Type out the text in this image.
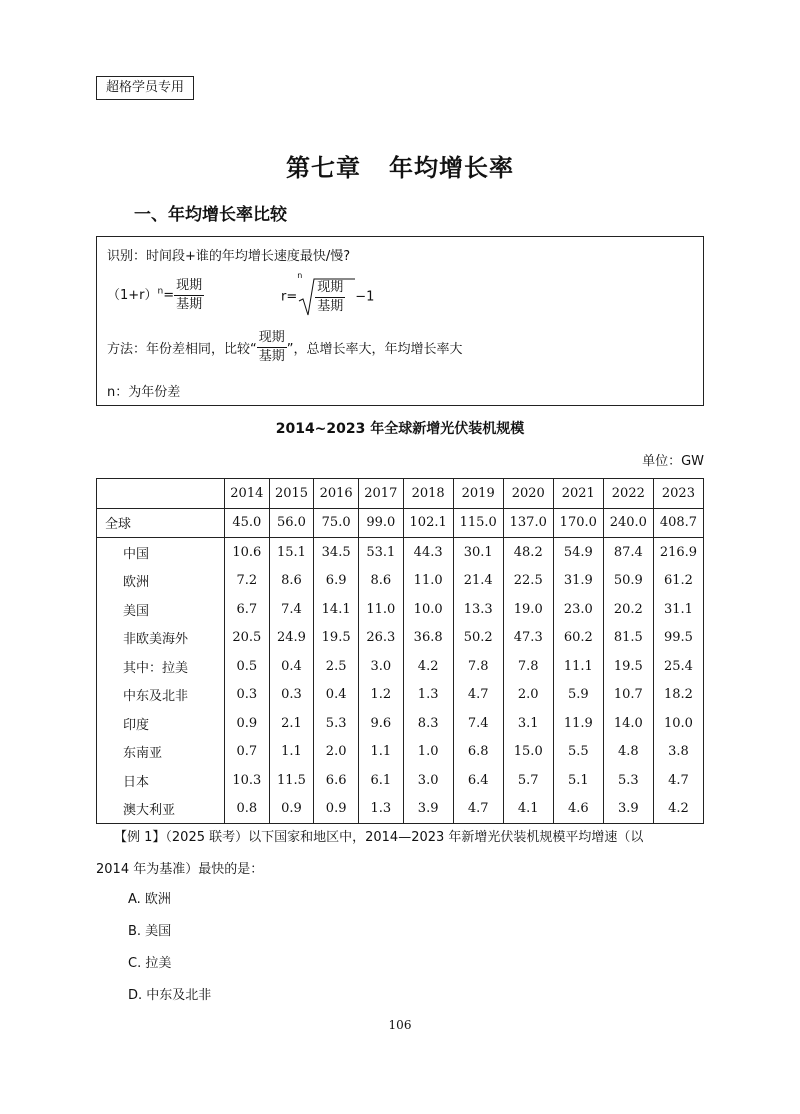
超格学员专用
第七章 年均增长率
一、年均增长率比较
识别：时间段+谁的年均增长速度最快/慢?
$(1+r)^n= \frac{\text{现期}}{\text{基期}}$	r=
n
现期
基期
−1
方法：年份差相同，比较“ $\frac{\text{现期}}{\text{基期}}$ ”，总增长率大，年均增长率大
n：为年份差
2014~2023 年全球新增光伏装机规模
单位：GW
	2014	2015	2016	2017	2018	2019	2020	2021	2022	2023
全球	45.0	56.0	75.0	99.0	102.1	115.0	137.0	170.0	240.0	408.7
中国	10.6	15.1	34.5	53.1	44.3	30.1	48.2	54.9	87.4	216.9
欧洲	7.2	8.6	6.9	8.6	11.0	21.4	22.5	31.9	50.9	61.2
美国	6.7	7.4	14.1	11.0	10.0	13.3	19.0	23.0	20.2	31.1
非欧美海外	20.5	24.9	19.5	26.3	36.8	50.2	47.3	60.2	81.5	99.5
其中：拉美	0.5	0.4	2.5	3.0	4.2	7.8	7.8	11.1	19.5	25.4
中东及北非	0.3	0.3	0.4	1.2	1.3	4.7	2.0	5.9	10.7	18.2
印度	0.9	2.1	5.3	9.6	8.3	7.4	3.1	11.9	14.0	10.0
东南亚	0.7	1.1	2.0	1.1	1.0	6.8	15.0	5.5	4.8	3.8
日本	10.3	11.5	6.6	6.1	3.0	6.4	5.7	5.1	5.3	4.7
澳大利亚	0.8	0.9	0.9	1.3	3.9	4.7	4.1	4.6	3.9	4.2
【例 1】（2025 联考）以下国家和地区中，2014—2023 年新增光伏装机规模平均增速（以
2014 年为基准）最快的是：
A. 欧洲
B. 美国
C. 拉美
D. 中东及北非
106
